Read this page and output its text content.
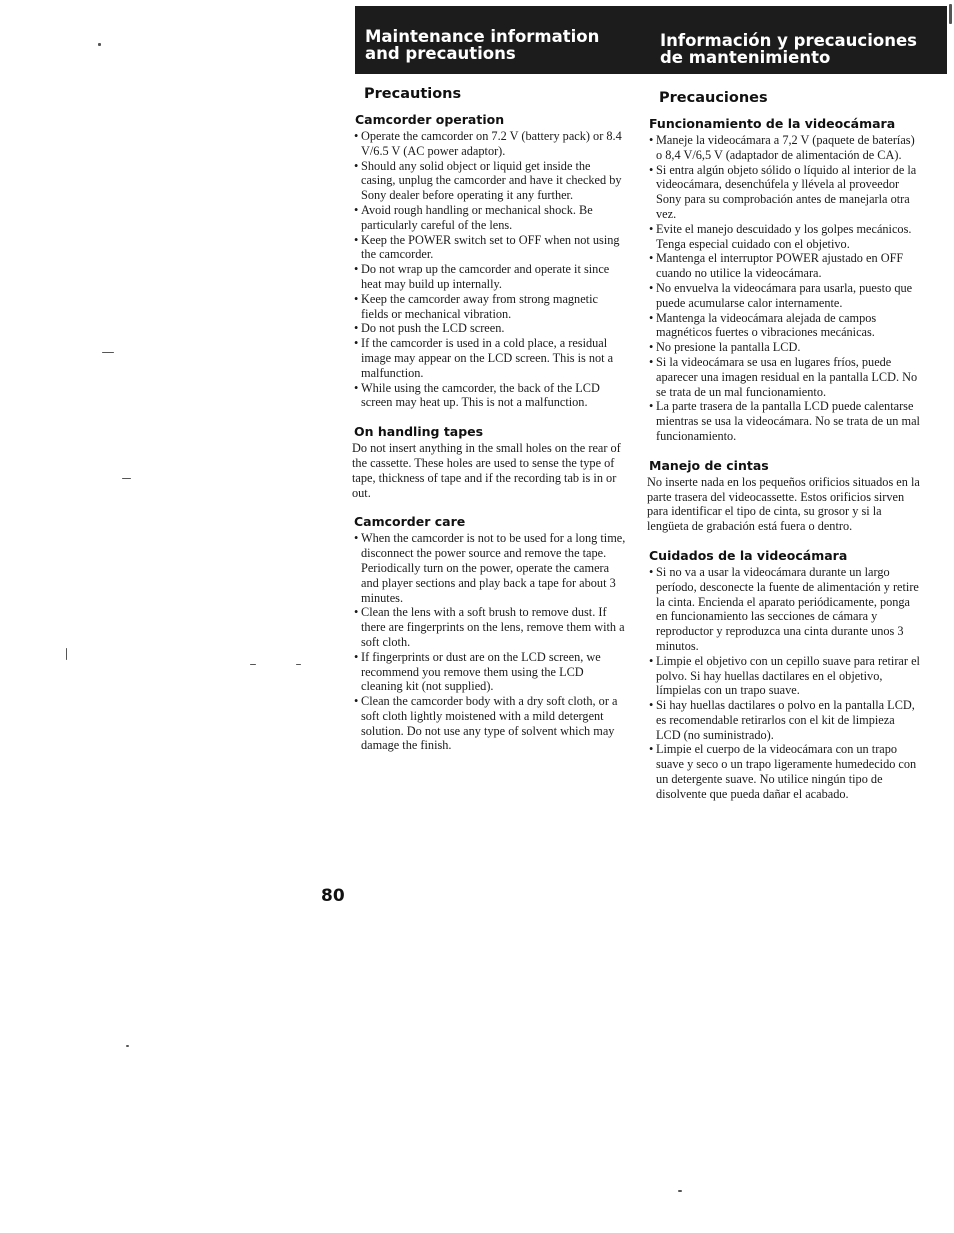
Maintenance information
and precautions
Información y precauciones
de mantenimiento
Precautions
Camcorder operation
• Operate the camcorder on 7.2 V (battery pack) or 8.4 V/6.5 V (AC power adaptor).
• Should any solid object or liquid get inside the casing, unplug the camcorder and have it checked by Sony dealer before operating it any further.
• Avoid rough handling or mechanical shock. Be particularly careful of the lens.
• Keep the POWER switch set to OFF when not using the camcorder.
• Do not wrap up the camcorder and operate it since heat may build up internally.
• Keep the camcorder away from strong magnetic fields or mechanical vibration.
• Do not push the LCD screen.
• If the camcorder is used in a cold place, a residual image may appear on the LCD screen. This is not a malfunction.
• While using the camcorder, the back of the LCD screen may heat up. This is not a malfunction.
On handling tapes

Do not insert anything in the small holes on the rear of the cassette. These holes are used to sense the type of tape, thickness of tape and if the recording tab is in or out.

Camcorder care
• When the camcorder is not to be used for a long time, disconnect the power source and remove the tape. Periodically turn on the power, operate the camera and player sections and play back a tape for about 3 minutes.
• Clean the lens with a soft brush to remove dust. If there are fingerprints on the lens, remove them with a soft cloth.
• If fingerprints or dust are on the LCD screen, we recommend you remove them using the LCD cleaning kit (not supplied).
• Clean the camcorder body with a dry soft cloth, or a soft cloth lightly moistened with a mild detergent solution. Do not use any type of solvent which may damage the finish.
Precauciones
Funcionamiento de la videocámara
• Maneje la videocámara a 7,2 V (paquete de baterías) o 8,4 V/6,5 V (adaptador de alimentación de CA).
• Si entra algún objeto sólido o líquido al interior de la videocámara, desenchúfela y llévela al proveedor Sony para su comprobación antes de manejarla otra vez.
• Evite el manejo descuidado y los golpes mecánicos. Tenga especial cuidado con el objetivo.
• Mantenga el interruptor POWER ajustado en OFF cuando no utilice la videocámara.
• No envuelva la videocámara para usarla, puesto que puede acumularse calor internamente.
• Mantenga la videocámara alejada de campos magnéticos fuertes o vibraciones mecánicas.
• No presione la pantalla LCD.
• Si la videocámara se usa en lugares fríos, puede aparecer una imagen residual en la pantalla LCD. No se trata de un mal funcionamiento.
• La parte trasera de la pantalla LCD puede calentarse mientras se usa la videocámara. No se trata de un mal funcionamiento.
Manejo de cintas

No inserte nada en los pequeños orificios situados en la parte trasera del videocassette. Estos orificios sirven para identificar el tipo de cinta, su grosor y si la lengüeta de grabación está fuera o dentro.

Cuidados de la videocámara
• Si no va a usar la videocámara durante un largo período, desconecte la fuente de alimentación y retire la cinta. Encienda el aparato periódicamente, ponga en funcionamiento las secciones de cámara y reproductor y reproduzca una cinta durante unos 3 minutos.
• Limpie el objetivo con un cepillo suave para retirar el polvo. Si hay huellas dactilares en el objetivo, límpielas con un trapo suave.
• Si hay huellas dactilares o polvo en la pantalla LCD, es recomendable retirarlos con el kit de limpieza LCD (no suministrado).
• Limpie el cuerpo de la videocámara con un trapo suave y seco o un trapo ligeramente humedecido con un detergente suave. No utilice ningún tipo de disolvente que pueda dañar el acabado.
80
